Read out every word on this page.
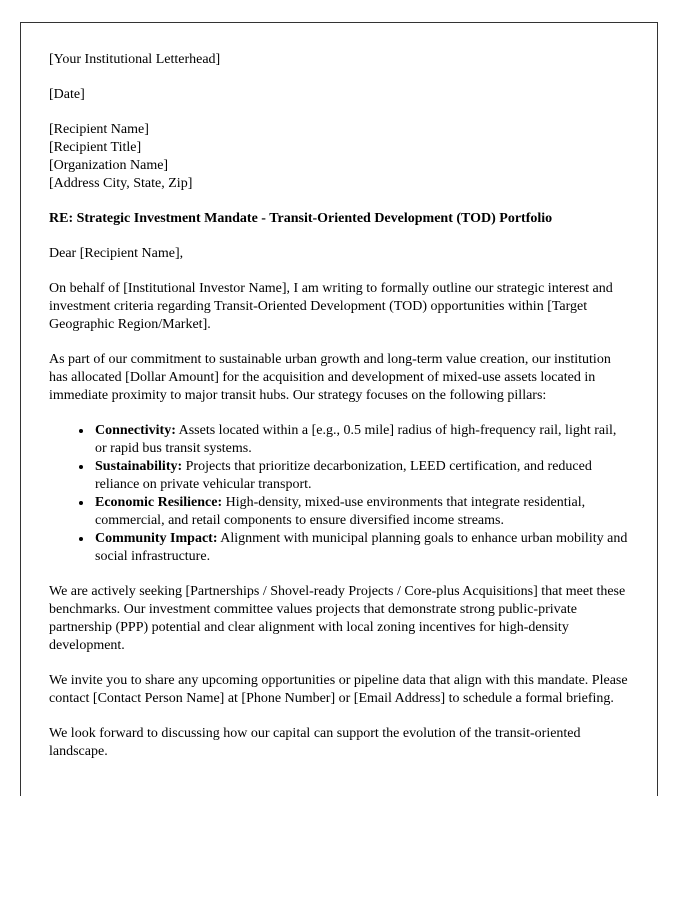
[Your Institutional Letterhead]

[Date]

[Recipient Name]

[Recipient Title]

[Organization Name]

[Address City, State, Zip]

RE: Strategic Investment Mandate - Transit-Oriented Development (TOD) Portfolio

Dear [Recipient Name],

On behalf of [Institutional Investor Name], I am writing to formally outline our strategic interest and investment criteria regarding Transit-Oriented Development (TOD) opportunities within [Target Geographic Region/Market].

As part of our commitment to sustainable urban growth and long-term value creation, our institution has allocated [Dollar Amount] for the acquisition and development of mixed-use assets located in immediate proximity to major transit hubs. Our strategy focuses on the following pillars:

• Connectivity: Assets located within a [e.g., 0.5 mile] radius of high-frequency rail, light rail, or rapid bus transit systems.
• Sustainability: Projects that prioritize decarbonization, LEED certification, and reduced reliance on private vehicular transport.
• Economic Resilience: High-density, mixed-use environments that integrate residential, commercial, and retail components to ensure diversified income streams.
• Community Impact: Alignment with municipal planning goals to enhance urban mobility and social infrastructure.

We are actively seeking [Partnerships / Shovel-ready Projects / Core-plus Acquisitions] that meet these benchmarks. Our investment committee values projects that demonstrate strong public-private partnership (PPP) potential and clear alignment with local zoning incentives for high-density development.

We invite you to share any upcoming opportunities or pipeline data that align with this mandate. Please contact [Contact Person Name] at [Phone Number] or [Email Address] to schedule a formal briefing.

We look forward to discussing how our capital can support the evolution of the transit-oriented landscape.
